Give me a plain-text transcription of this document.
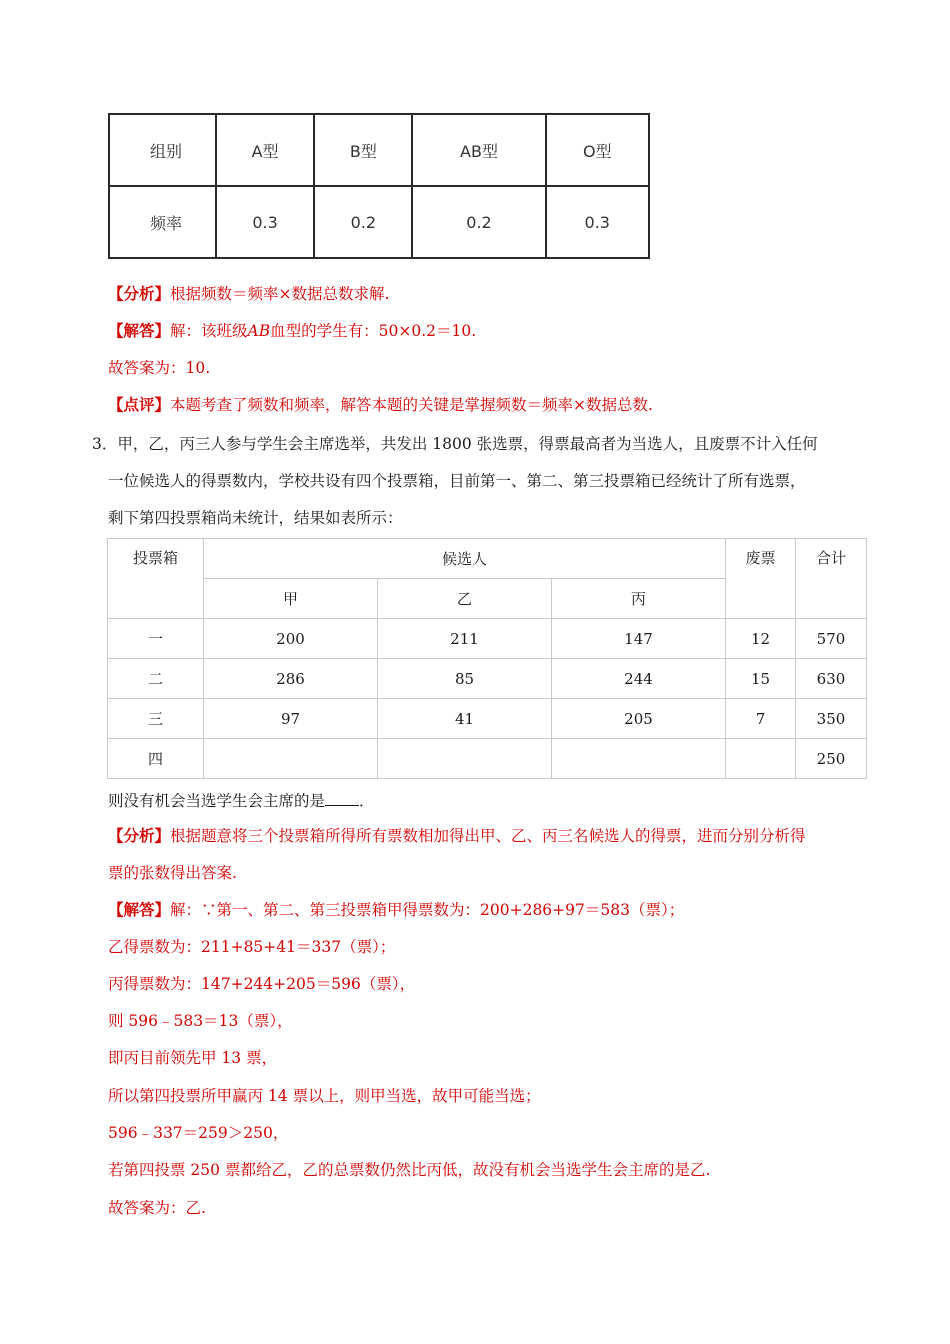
组别	A型	B型	AB型	O型
频率	0.3	0.2	0.2	0.3
【分析】根据频数＝频率×数据总数求解.
【解答】解：该班级AB血型的学生有：50×0.2＝10.
故答案为：10.
【点评】本题考查了频数和频率，解答本题的关键是掌握频数＝频率×数据总数.
3．甲，乙，丙三人参与学生会主席选举，共发出 1800 张选票，得票最高者为当选人，且废票不计入任何
一位候选人的得票数内，学校共设有四个投票箱，目前第一、第二、第三投票箱已经统计了所有选票，
剩下第四投票箱尚未统计，结果如表所示：
投票箱	候选人			废票	合计
	甲	乙	丙		
一	200	211	147	12	570
二	286	85	244	15	630
三	97	41	205	7	350
四					250
则没有机会当选学生会主席的是 ．
【分析】根据题意将三个投票箱所得所有票数相加得出甲、乙、丙三名候选人的得票，进而分别分析得
票的张数得出答案.
【解答】解：∵第一、第二、第三投票箱甲得票数为：200+286+97＝583（票）；
乙得票数为：211+85+41＝337（票）；
丙得票数为：147+244+205＝596（票），
则 596﹣583＝13（票），
即丙目前领先甲 13 票，
所以第四投票所甲赢丙 14 票以上，则甲当选，故甲可能当选；
596﹣337＝259＞250，
若第四投票 250 票都给乙，乙的总票数仍然比丙低，故没有机会当选学生会主席的是乙.
故答案为：乙.
